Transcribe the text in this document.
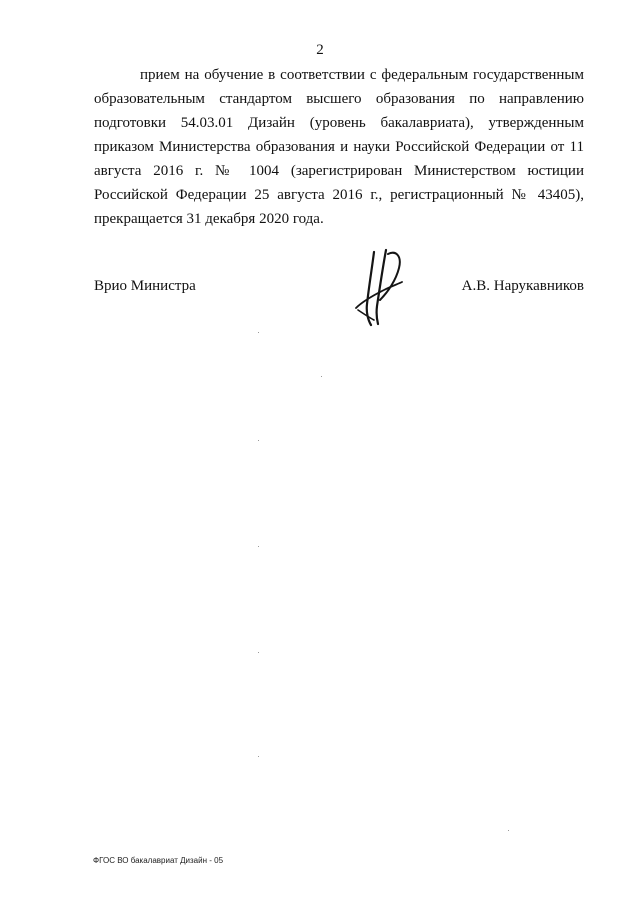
2

прием на обучение в соответствии с федеральным государственным образовательным стандартом высшего образования по направлению подготовки 54.03.01 Дизайн (уровень бакалавриата), утвержденным приказом Министерства образования и науки Российской Федерации от 11 августа 2016 г. № 1004 (зарегистрирован Министерством юстиции Российской Федерации 25 августа 2016 г., регистрационный № 43405), прекращается 31 декабря 2020 года.

Врио Министра	А.В. Нарукавников
ФГОС ВО бакалавриат Дизайн - 05
